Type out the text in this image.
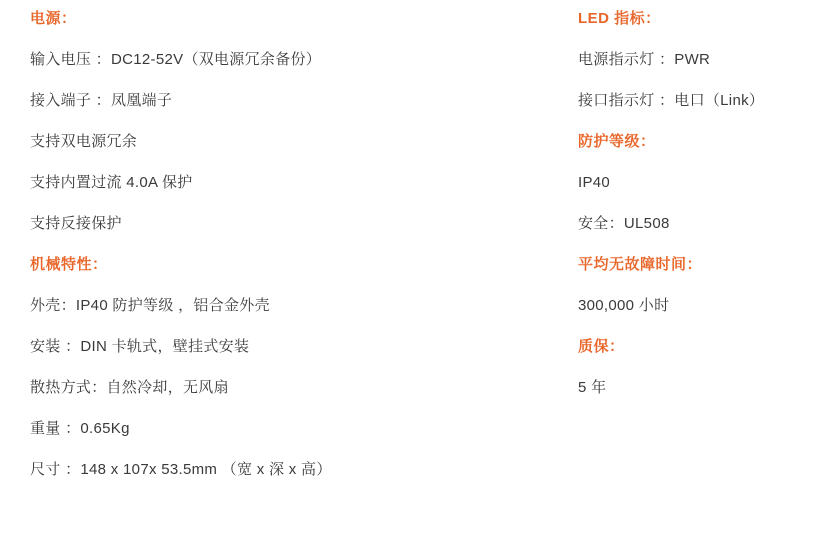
电源：
输入电压 ：DC12-52V（双电源冗余备份）
接入端子 ：凤凰端子
支持双电源冗余
支持内置过流 4.0A 保护
支持反接保护
机械特性：
外壳：IP40 防护等级 ，铝合金外壳
安装 ：DIN 卡轨式，壁挂式安装
散热方式：自然冷却，无风扇
重量 ：0.65Kg
尺寸 ：148 x 107x 53.5mm （宽 x 深 x 高）
LED 指标：
电源指示灯 ：PWR
接口指示灯 ：电口（Link）
防护等级：
IP40
安全：UL508
平均无故障时间：
300,000 小时
质保：
5 年
